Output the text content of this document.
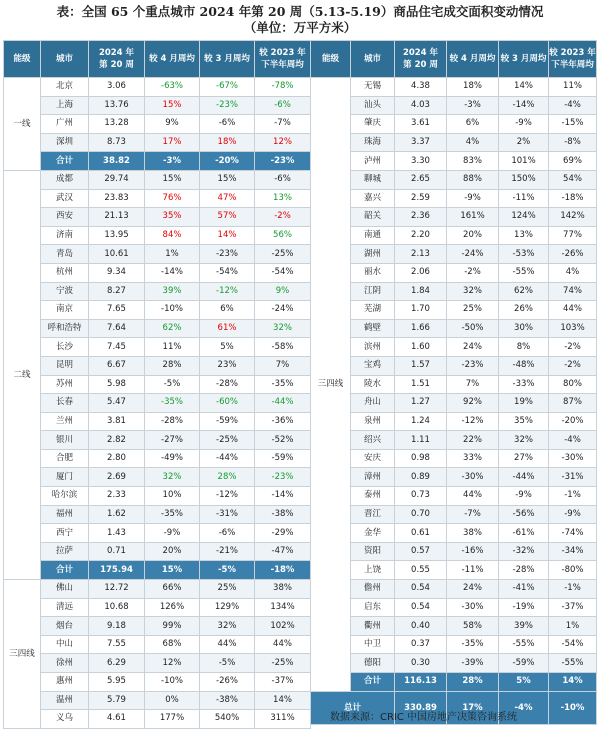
表：全国 65 个重点城市 2024 年第 20 周（5.13-5.19）商品住宅成交面积变动情况
（单位：万平方米）
能级	城市	2024 年
第 20 周	较 4 月周均	较 3 月周均	较 2023 年
下半年周均
一线	北京	3.06	-63%	-67%	-78%
	上海	13.76	15%	-23%	-6%
	广州	13.28	9%	-6%	-7%
	深圳	8.73	17%	18%	12%
	合计	38.82	-3%	-20%	-23%
二线	成都	29.74	15%	15%	-6%
	武汉	23.83	76%	47%	13%
	西安	21.13	35%	57%	-2%
	济南	13.95	84%	14%	56%
	青岛	10.61	1%	-23%	-25%
	杭州	9.34	-14%	-54%	-54%
	宁波	8.27	39%	-12%	9%
	南京	7.65	-10%	6%	-24%
	呼和浩特	7.64	62%	61%	32%
	长沙	7.45	11%	5%	-58%
	昆明	6.67	28%	23%	7%
	苏州	5.98	-5%	-28%	-35%
	长春	5.47	-35%	-60%	-44%
	兰州	3.81	-28%	-59%	-36%
	银川	2.82	-27%	-25%	-52%
	合肥	2.80	-49%	-44%	-59%
	厦门	2.69	32%	28%	-23%
	哈尔滨	2.33	10%	-12%	-14%
	福州	1.62	-35%	-31%	-38%
	西宁	1.43	-9%	-6%	-29%
	拉萨	0.71	20%	-21%	-47%
	合计	175.94	15%	-5%	-18%
三四线	佛山	12.72	66%	25%	38%
	清远	10.68	126%	129%	134%
	烟台	9.18	99%	32%	102%
	中山	7.55	68%	44%	44%
	徐州	6.29	12%	-5%	-25%
	惠州	5.95	-10%	-26%	-37%
	温州	5.79	0%	-38%	14%
	义乌	4.61	177%	540%	311%
能级	城市	2024 年
第 20 周	较 4 月周均	较 3 月周均	较 2023 年
下半年周均
三四线	无锡	4.38	18%	14%	11%
	汕头	4.03	-3%	-14%	-4%
	肇庆	3.61	6%	-9%	-15%
	珠海	3.37	4%	2%	-8%
	泸州	3.30	83%	101%	69%
	聊城	2.65	88%	150%	54%
	嘉兴	2.59	-9%	-11%	-18%
	韶关	2.36	161%	124%	142%
	南通	2.20	20%	13%	77%
	湖州	2.13	-24%	-53%	-26%
	丽水	2.06	-2%	-55%	4%
	江阴	1.84	32%	62%	74%
	芜湖	1.70	25%	26%	44%
	鹤壁	1.66	-50%	30%	103%
	滨州	1.60	24%	8%	-2%
	宝鸡	1.57	-23%	-48%	-2%
	陵水	1.51	7%	-33%	80%
	舟山	1.27	92%	19%	87%
	泉州	1.24	-12%	35%	-20%
	绍兴	1.11	22%	32%	-4%
	安庆	0.98	33%	27%	-30%
	漳州	0.89	-30%	-44%	-31%
	泰州	0.73	44%	-9%	-1%
	晋江	0.70	-7%	-56%	-9%
	金华	0.61	38%	-61%	-74%
	资阳	0.57	-16%	-32%	-34%
	上饶	0.55	-11%	-28%	-80%
	儋州	0.54	24%	-41%	-1%
	启东	0.54	-30%	-19%	-37%
	衢州	0.40	58%	39%	1%
	中卫	0.37	-35%	-55%	-54%
	德阳	0.30	-39%	-59%	-55%
	合计	116.13	28%	5%	14%
总计		330.89	17%	-4%	-10%
数据来源：CRIC 中国房地产决策咨询系统
